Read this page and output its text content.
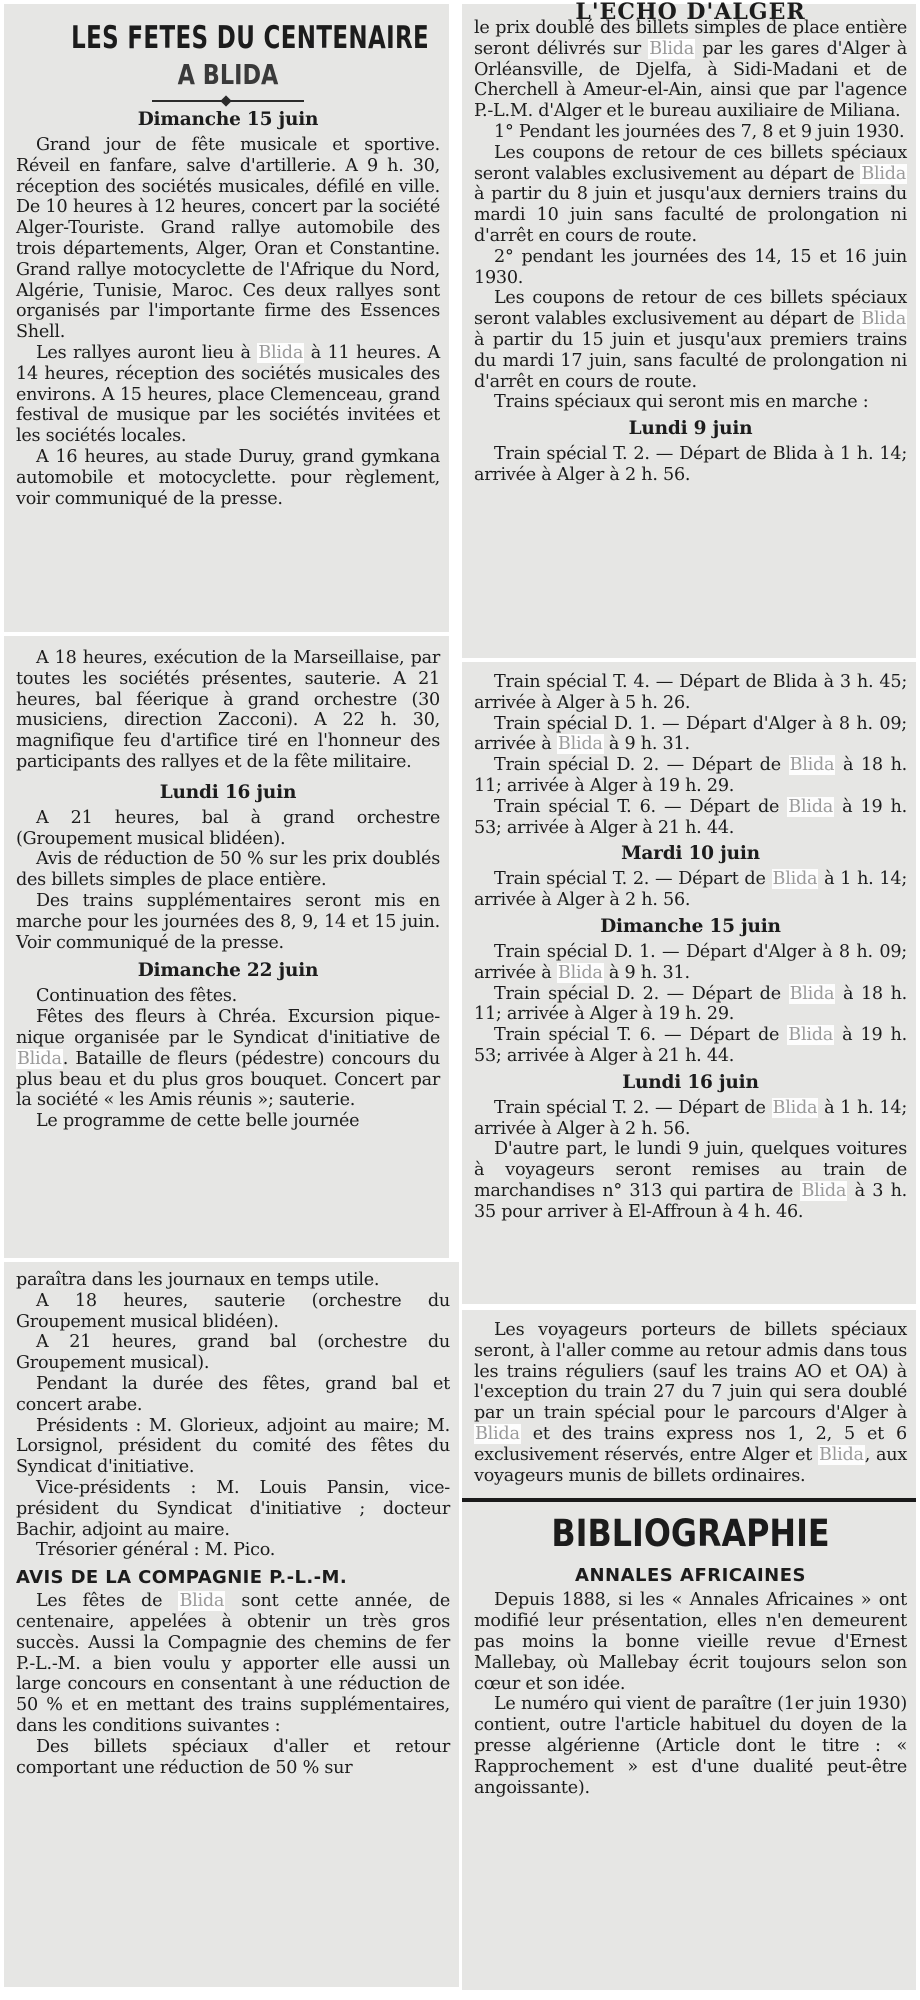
LES FETES DU CENTENAIRE
A BLIDA
Dimanche 15 juin

Grand jour de fête musicale et sportive. Réveil en fanfare, salve d'artillerie. A 9 h. 30, réception des sociétés musicales, défilé en ville. De 10 heures à 12 heures, concert par la société Alger-Touriste. Grand rallye automobile des trois départements, Alger, Oran et Constantine. Grand rallye motocyclette de l'Afrique du Nord, Algérie, Tunisie, Maroc. Ces deux rallyes sont organisés par l'importante firme des Essences Shell.

Les rallyes auront lieu à Blida à 11 heures. A 14 heures, réception des sociétés musicales des environs. A 15 heures, place Clemenceau, grand festival de musique par les sociétés invitées et les sociétés locales.

A 16 heures, au stade Duruy, grand gymkana automobile et motocyclette. pour règlement, voir communiqué de la presse.

A 18 heures, exécution de la Marseillaise, par toutes les sociétés présentes, sauterie. A 21 heures, bal féerique à grand orchestre (30 musiciens, direction Zacconi). A 22 h. 30, magnifique feu d'artifice tiré en l'honneur des participants des rallyes et de la fête militaire.

Lundi 16 juin

A 21 heures, bal à grand orchestre (Groupement musical blidéen).

Avis de réduction de 50 % sur les prix doublés des billets simples de place entière.

Des trains supplémentaires seront mis en marche pour les journées des 8, 9, 14 et 15 juin. Voir communiqué de la presse.

Dimanche 22 juin

Continuation des fêtes.

Fêtes des fleurs à Chréa. Excursion pique-nique organisée par le Syndicat d'initiative de Blida. Bataille de fleurs (pédestre) concours du plus beau et du plus gros bouquet. Concert par la société « les Amis réunis »; sauterie.

Le programme de cette belle journée

paraîtra dans les journaux en temps utile.

A 18 heures, sauterie (orchestre du Groupement musical blidéen).

A 21 heures, grand bal (orchestre du Groupement musical).

Pendant la durée des fêtes, grand bal et concert arabe.

Présidents : M. Glorieux, adjoint au maire; M. Lorsignol, président du comité des fêtes du Syndicat d'initiative.

Vice-présidents : M. Louis Pansin, vice-président du Syndicat d'initiative ; docteur Bachir, adjoint au maire.

Trésorier général : M. Pico.

AVIS DE LA COMPAGNIE P.-L.-M.

Les fêtes de Blida sont cette année, de centenaire, appelées à obtenir un très gros succès. Aussi la Compagnie des chemins de fer P.-L.-M. a bien voulu y apporter elle aussi un large concours en consentant à une réduction de 50 % et en mettant des trains supplémentaires, dans les conditions suivantes :

Des billets spéciaux d'aller et retour comportant une réduction de 50 % sur

L'ECHO D'ALGER

le prix doublé des billets simples de place entière seront délivrés sur Blida par les gares d'Alger à Orléansville, de Djelfa, à Sidi-Madani et de Cherchell à Ameur-el-Ain, ainsi que par l'agence P.-L.M. d'Alger et le bureau auxiliaire de Miliana.

1° Pendant les journées des 7, 8 et 9 juin 1930.

Les coupons de retour de ces billets spéciaux seront valables exclusivement au départ de Blida à partir du 8 juin et jusqu'aux derniers trains du mardi 10 juin sans faculté de prolongation ni d'arrêt en cours de route.

2° pendant les journées des 14, 15 et 16 juin 1930.

Les coupons de retour de ces billets spéciaux seront valables exclusivement au départ de Blida à partir du 15 juin et jusqu'aux premiers trains du mardi 17 juin, sans faculté de prolongation ni d'arrêt en cours de route.

Trains spéciaux qui seront mis en marche :

Lundi 9 juin

Train spécial T. 2. — Départ de Blida à 1 h. 14; arrivée à Alger à 2 h. 56.

Train spécial T. 4. — Départ de Blida à 3 h. 45; arrivée à Alger à 5 h. 26.

Train spécial D. 1. — Départ d'Alger à 8 h. 09; arrivée à Blida à 9 h. 31.

Train spécial D. 2. — Départ de Blida à 18 h. 11; arrivée à Alger à 19 h. 29.

Train spécial T. 6. — Départ de Blida à 19 h. 53; arrivée à Alger à 21 h. 44.

Mardi 10 juin

Train spécial T. 2. — Départ de Blida à 1 h. 14; arrivée à Alger à 2 h. 56.

Dimanche 15 juin

Train spécial D. 1. — Départ d'Alger à 8 h. 09; arrivée à Blida à 9 h. 31.

Train spécial D. 2. — Départ de Blida à 18 h. 11; arrivée à Alger à 19 h. 29.

Train spécial T. 6. — Départ de Blida à 19 h. 53; arrivée à Alger à 21 h. 44.

Lundi 16 juin

Train spécial T. 2. — Départ de Blida à 1 h. 14; arrivée à Alger à 2 h. 56.

D'autre part, le lundi 9 juin, quelques voitures à voyageurs seront remises au train de marchandises n° 313 qui partira de Blida à 3 h. 35 pour arriver à El-Affroun à 4 h. 46.

Les voyageurs porteurs de billets spéciaux seront, à l'aller comme au retour admis dans tous les trains réguliers (sauf les trains AO et OA) à l'exception du train 27 du 7 juin qui sera doublé par un train spécial pour le parcours d'Alger à Blida et des trains express nos 1, 2, 5 et 6 exclusivement réservés, entre Alger et Blida, aux voyageurs munis de billets ordinaires.

BIBLIOGRAPHIE
ANNALES AFRICAINES

Depuis 1888, si les « Annales Africaines » ont modifié leur présentation, elles n'en demeurent pas moins la bonne vieille revue d'Ernest Mallebay, où Mallebay écrit toujours selon son cœur et son idée.

Le numéro qui vient de paraître (1er juin 1930) contient, outre l'article habituel du doyen de la presse algérienne (Article dont le titre : « Rapprochement » est d'une dualité peut-être angoissante).
